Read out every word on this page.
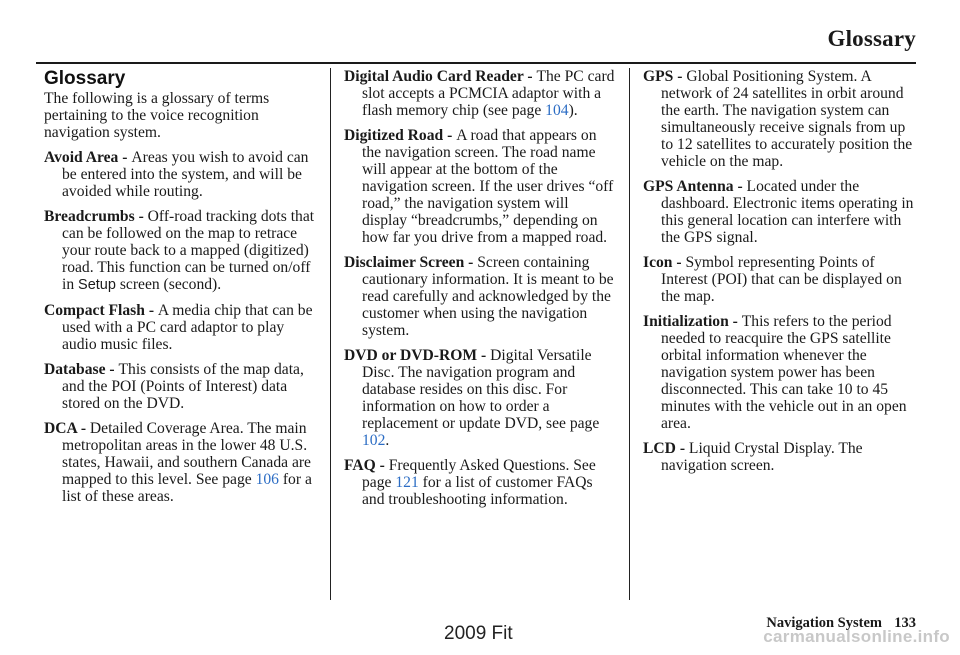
Glossary
Glossary

The following is a glossary of terms pertaining to the voice recognition navigation system.

Avoid Area - Areas you wish to avoid can be entered into the system, and will be avoided while routing.

Breadcrumbs - Off-road tracking dots that can be followed on the map to retrace your route back to a mapped (digitized) road. This function can be turned on/off in Setup screen (second).

Compact Flash - A media chip that can be used with a PC card adaptor to play audio music files.

Database - This consists of the map data, and the POI (Points of Interest) data stored on the DVD.

DCA - Detailed Coverage Area. The main metropolitan areas in the lower 48 U.S. states, Hawaii, and southern Canada are mapped to this level. See page 106 for a list of these areas.

Digital Audio Card Reader - The PC card slot accepts a PCMCIA adaptor with a flash memory chip (see page 104).

Digitized Road - A road that appears on the navigation screen. The road name will appear at the bottom of the navigation screen. If the user drives “off road,” the navigation system will display “breadcrumbs,” depending on how far you drive from a mapped road.

Disclaimer Screen - Screen containing cautionary information. It is meant to be read carefully and acknowledged by the customer when using the navigation system.

DVD or DVD-ROM - Digital Versatile Disc. The navigation program and database resides on this disc. For information on how to order a replacement or update DVD, see page 102.

FAQ - Frequently Asked Questions. See page 121 for a list of customer FAQs and troubleshooting information.

GPS - Global Positioning System. A network of 24 satellites in orbit around the earth. The navigation system can simultaneously receive signals from up to 12 satellites to accurately position the vehicle on the map.

GPS Antenna - Located under the dashboard. Electronic items operating in this general location can interfere with the GPS signal.

Icon - Symbol representing Points of Interest (POI) that can be displayed on the map.

Initialization - This refers to the period needed to reacquire the GPS satellite orbital information whenever the navigation system power has been disconnected. This can take 10 to 45 minutes with the vehicle out in an open area.

LCD - Liquid Crystal Display. The navigation screen.

Navigation System 133
2009 Fit	carmanualsonline.info
